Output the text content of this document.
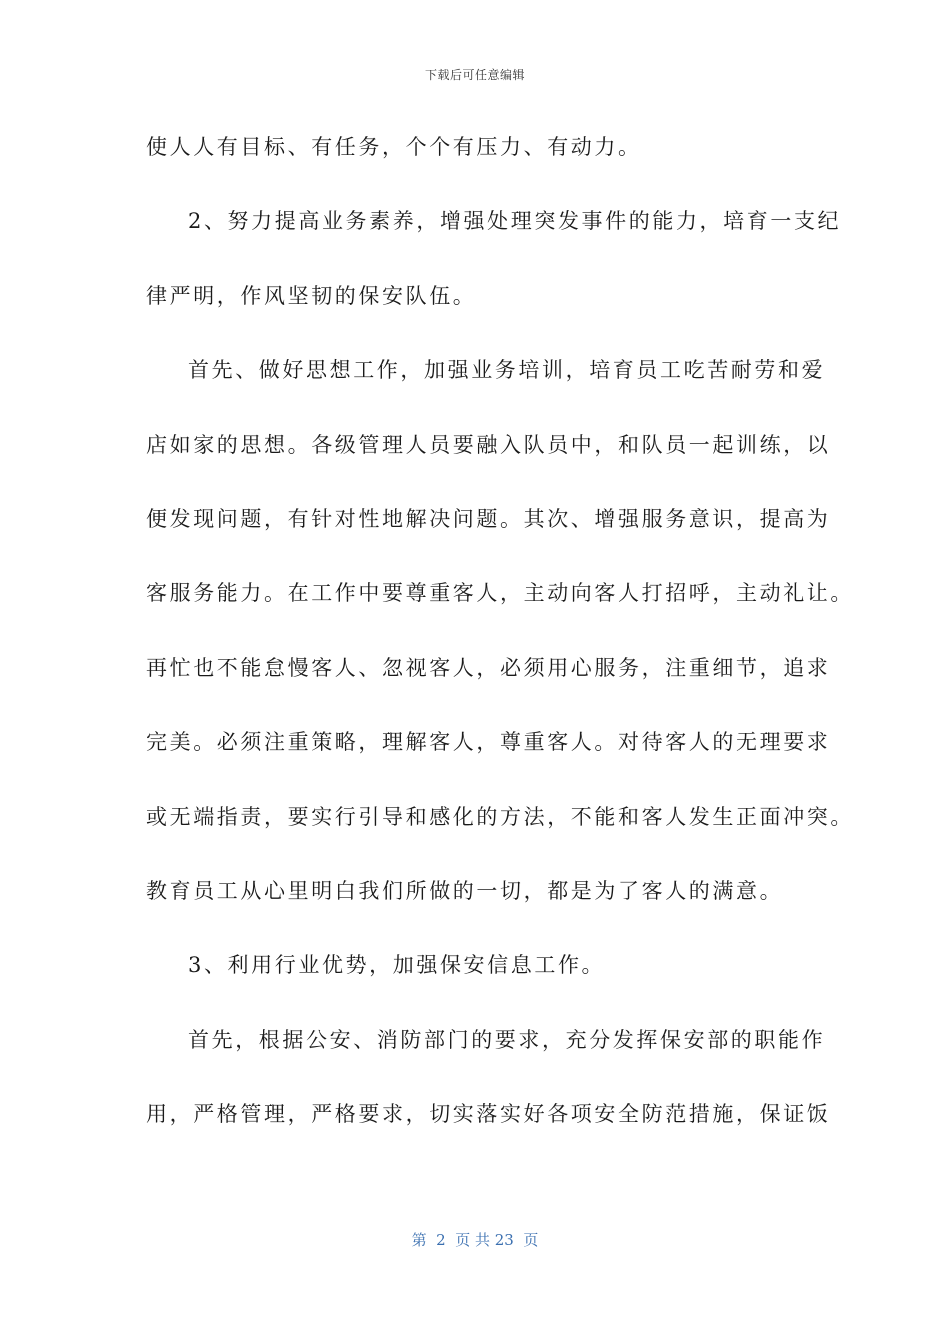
下载后可任意编辑
使人人有目标、有任务，个个有压力、有动力。
2、努力提高业务素养，增强处理突发事件的能力，培育一支纪
律严明，作风坚韧的保安队伍。
首先、做好思想工作，加强业务培训，培育员工吃苦耐劳和爱
店如家的思想。各级管理人员要融入队员中，和队员一起训练，以
便发现问题，有针对性地解决问题。其次、增强服务意识，提高为
客服务能力。在工作中要尊重客人，主动向客人打招呼，主动礼让。
再忙也不能怠慢客人、忽视客人，必须用心服务，注重细节，追求
完美。必须注重策略，理解客人，尊重客人。对待客人的无理要求
或无端指责，要实行引导和感化的方法，不能和客人发生正面冲突。
教育员工从心里明白我们所做的一切，都是为了客人的满意。
3、利用行业优势，加强保安信息工作。
首先，根据公安、消防部门的要求，充分发挥保安部的职能作
用，严格管理，严格要求，切实落实好各项安全防范措施，保证饭
第  2  页 共 23  页
